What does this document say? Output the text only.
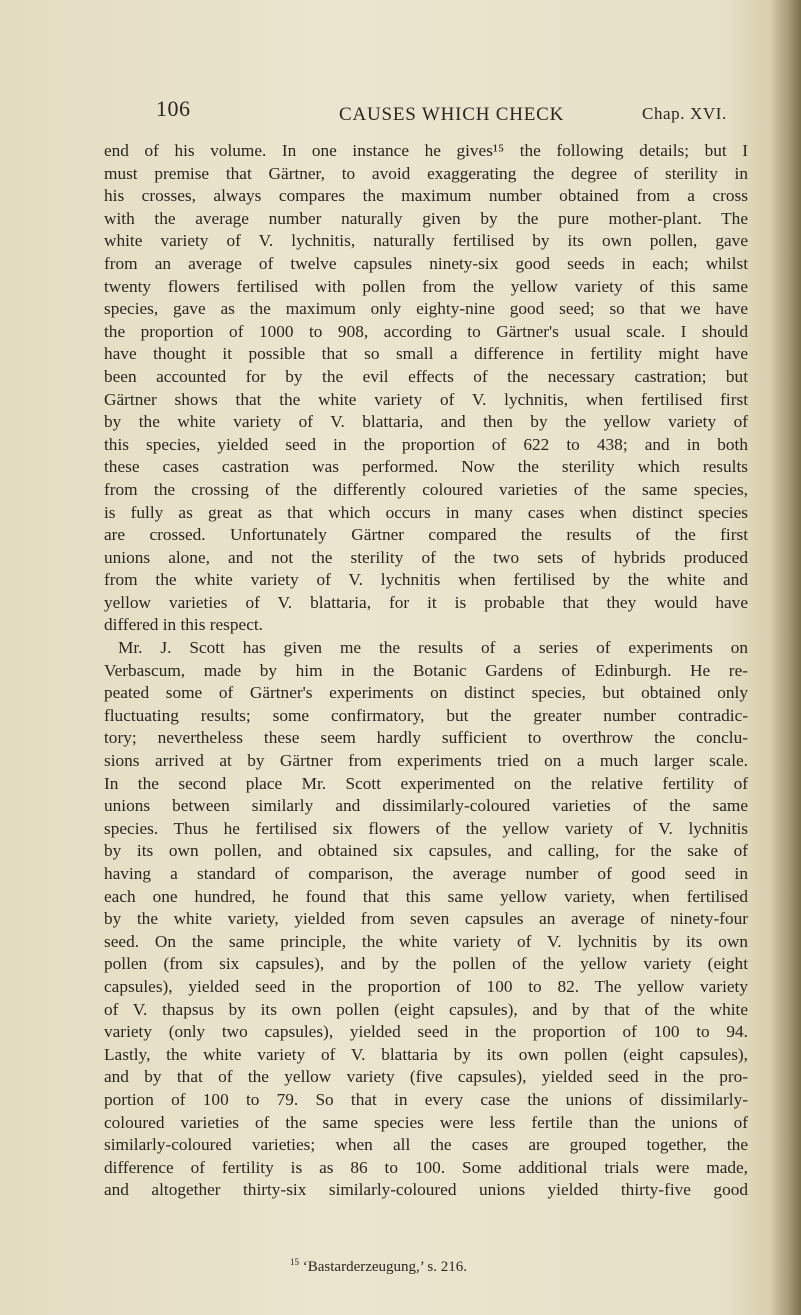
106	CAUSES WHICH CHECK	Chap. XVI.
end of his volume. In one instance he gives¹⁵ the following details; but I
must premise that Gärtner, to avoid exaggerating the degree of sterility in
his crosses, always compares the maximum number obtained from a cross
with the average number naturally given by the pure mother-plant. The
white variety of V. lychnitis, naturally fertilised by its own pollen, gave
from an average of twelve capsules ninety-six good seeds in each; whilst
twenty flowers fertilised with pollen from the yellow variety of this same
species, gave as the maximum only eighty-nine good seed; so that we have
the proportion of 1000 to 908, according to Gärtner's usual scale. I should
have thought it possible that so small a difference in fertility might have
been accounted for by the evil effects of the necessary castration; but
Gärtner shows that the white variety of V. lychnitis, when fertilised first
by the white variety of V. blattaria, and then by the yellow variety of
this species, yielded seed in the proportion of 622 to 438; and in both
these cases castration was performed. Now the sterility which results
from the crossing of the differently coloured varieties of the same species,
is fully as great as that which occurs in many cases when distinct species
are crossed. Unfortunately Gärtner compared the results of the first
unions alone, and not the sterility of the two sets of hybrids produced
from the white variety of V. lychnitis when fertilised by the white and
yellow varieties of V. blattaria, for it is probable that they would have
differed in this respect.
Mr. J. Scott has given me the results of a series of experiments on
Verbascum, made by him in the Botanic Gardens of Edinburgh. He re-
peated some of Gärtner's experiments on distinct species, but obtained only
fluctuating results; some confirmatory, but the greater number contradic-
tory; nevertheless these seem hardly sufficient to overthrow the conclu-
sions arrived at by Gärtner from experiments tried on a much larger scale.
In the second place Mr. Scott experimented on the relative fertility of
unions between similarly and dissimilarly-coloured varieties of the same
species. Thus he fertilised six flowers of the yellow variety of V. lychnitis
by its own pollen, and obtained six capsules, and calling, for the sake of
having a standard of comparison, the average number of good seed in
each one hundred, he found that this same yellow variety, when fertilised
by the white variety, yielded from seven capsules an average of ninety-four
seed. On the same principle, the white variety of V. lychnitis by its own
pollen (from six capsules), and by the pollen of the yellow variety (eight
capsules), yielded seed in the proportion of 100 to 82. The yellow variety
of V. thapsus by its own pollen (eight capsules), and by that of the white
variety (only two capsules), yielded seed in the proportion of 100 to 94.
Lastly, the white variety of V. blattaria by its own pollen (eight capsules),
and by that of the yellow variety (five capsules), yielded seed in the pro-
portion of 100 to 79. So that in every case the unions of dissimilarly-
coloured varieties of the same species were less fertile than the unions of
similarly-coloured varieties; when all the cases are grouped together, the
difference of fertility is as 86 to 100. Some additional trials were made,
and altogether thirty-six similarly-coloured unions yielded thirty-five good
$^{15}$ ‘Bastarderzeugung,’ s. 216.
